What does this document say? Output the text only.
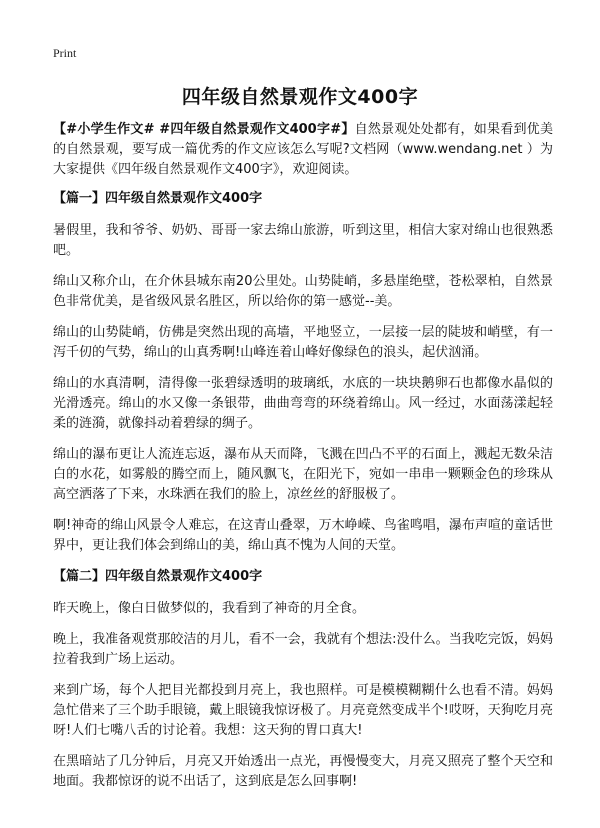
Print
四年级自然景观作文400字

【#小学生作文# #四年级自然景观作文400字#】自然景观处处都有，如果看到优美的自然景观，要写成一篇优秀的作文应该怎么写呢?文档网（www.wendang.net ）为大家提供《四年级自然景观作文400字》，欢迎阅读。

【篇一】四年级自然景观作文400字

暑假里，我和爷爷、奶奶、哥哥一家去绵山旅游，听到这里，相信大家对绵山也很熟悉吧。

绵山又称介山，在介休县城东南20公里处。山势陡峭，多悬崖绝壁，苍松翠柏，自然景色非常优美，是省级风景名胜区，所以给你的第一感觉--美。

绵山的山势陡峭，仿佛是突然出现的高墙，平地竖立，一层接一层的陡坡和峭壁，有一泻千仞的气势，绵山的山真秀啊!山峰连着山峰好像绿色的浪头，起伏汹涌。

绵山的水真清啊，清得像一张碧绿透明的玻璃纸，水底的一块块鹅卵石也都像水晶似的光滑透亮。绵山的水又像一条银带，曲曲弯弯的环绕着绵山。风一经过，水面荡漾起轻柔的涟漪，就像抖动着碧绿的绸子。

绵山的瀑布更让人流连忘返，瀑布从天而降，飞溅在凹凸不平的石面上，溅起无数朵洁白的水花，如雾般的腾空而上，随风飘飞，在阳光下，宛如一串串一颗颗金色的珍珠从高空洒落了下来，水珠洒在我们的脸上，凉丝丝的舒服极了。

啊!神奇的绵山风景令人难忘，在这青山叠翠，万木峥嵘、鸟雀鸣唱，瀑布声喧的童话世界中，更让我们体会到绵山的美，绵山真不愧为人间的天堂。

【篇二】四年级自然景观作文400字

昨天晚上，像白日做梦似的，我看到了神奇的月全食。

晚上，我准备观赏那皎洁的月儿，看不一会，我就有个想法:没什么。当我吃完饭，妈妈拉着我到广场上运动。

来到广场，每个人把目光都投到月亮上，我也照样。可是模模糊糊什么也看不清。妈妈急忙借来了三个助手眼镜，戴上眼镜我惊讶极了。月亮竟然变成半个!哎呀，天狗吃月亮呀!人们七嘴八舌的讨论着。我想：这天狗的胃口真大!

在黑暗站了几分钟后，月亮又开始透出一点光，再慢慢变大，月亮又照亮了整个天空和地面。我都惊讶的说不出话了，这到底是怎么回事啊!
